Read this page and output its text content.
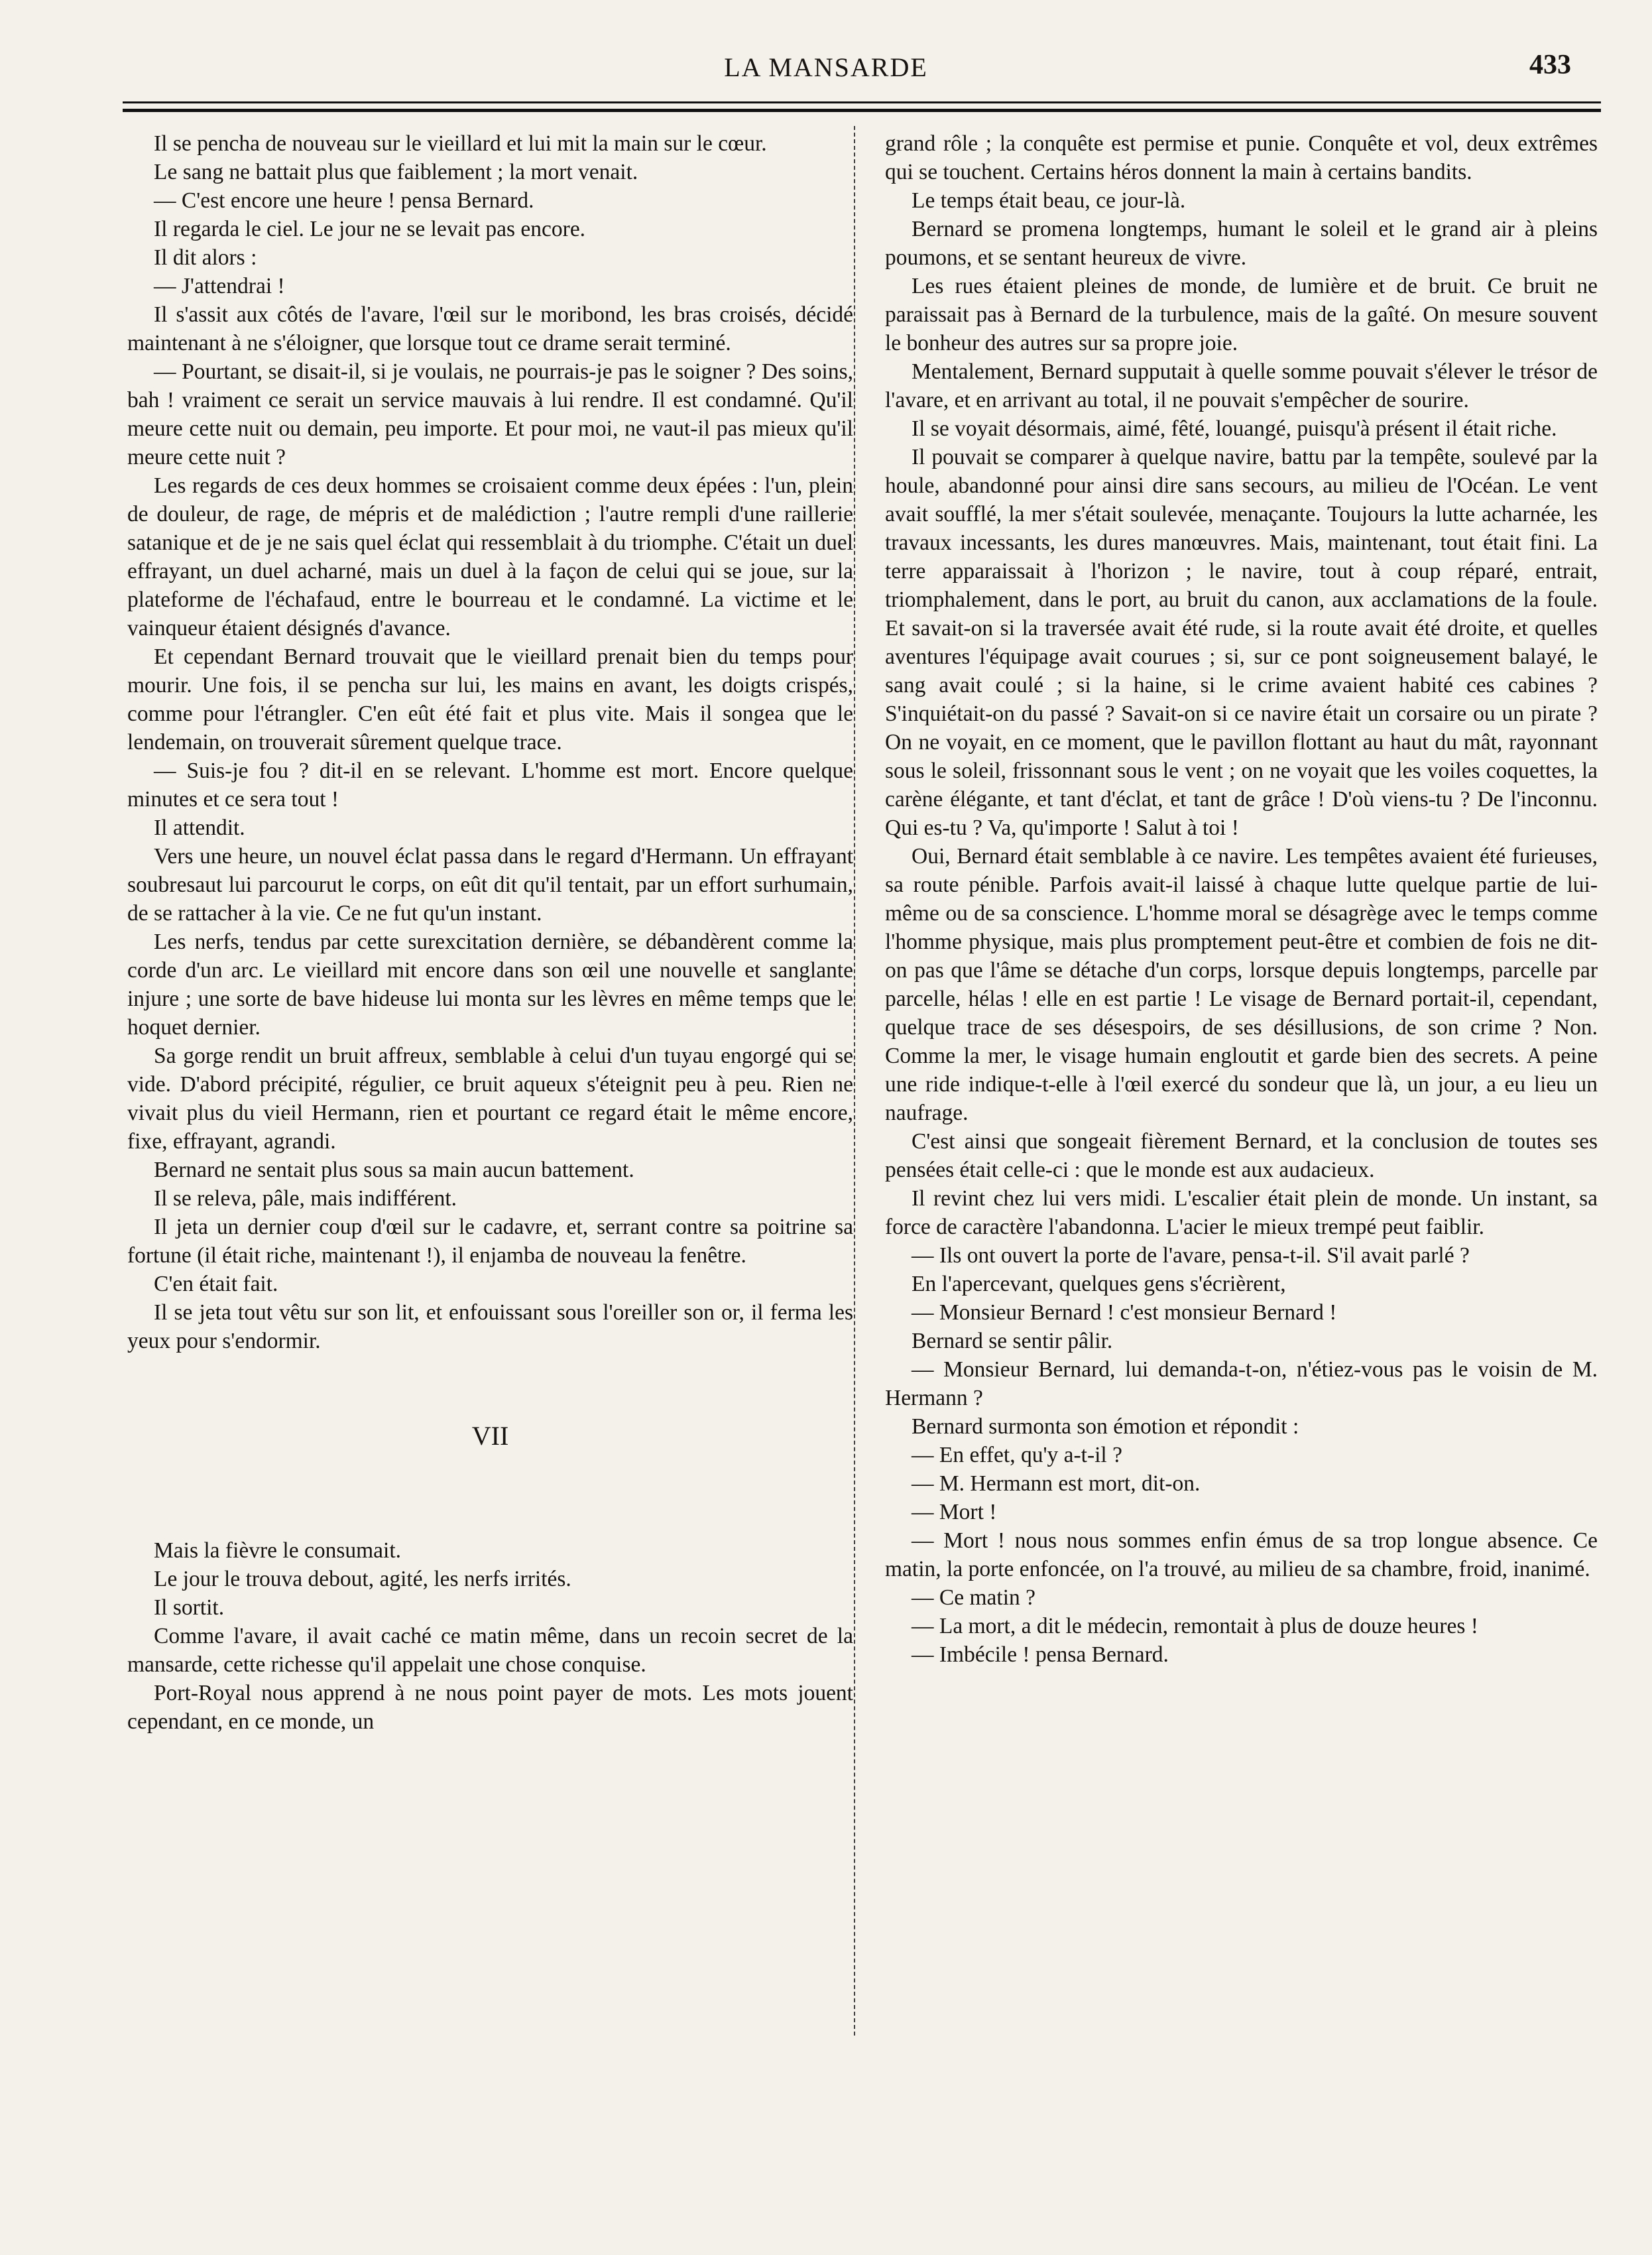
LA MANSARDE	433

Il se pencha de nouveau sur le vieillard et lui mit la main sur le cœur.

Le sang ne battait plus que faiblement ; la mort venait.

— C'est encore une heure ! pensa Bernard.

Il regarda le ciel. Le jour ne se levait pas encore.

Il dit alors :

— J'attendrai !

Il s'assit aux côtés de l'avare, l'œil sur le moribond, les bras croisés, décidé maintenant à ne s'éloigner, que lorsque tout ce drame serait terminé.

— Pourtant, se disait-il, si je voulais, ne pourrais-je pas le soigner ? Des soins, bah ! vraiment ce serait un service mauvais à lui rendre. Il est condamné. Qu'il meure cette nuit ou demain, peu importe. Et pour moi, ne vaut-il pas mieux qu'il meure cette nuit ?

Les regards de ces deux hommes se croisaient comme deux épées : l'un, plein de douleur, de rage, de mépris et de malédiction ; l'autre rempli d'une raillerie satanique et de je ne sais quel éclat qui ressemblait à du triomphe. C'était un duel effrayant, un duel acharné, mais un duel à la façon de celui qui se joue, sur la plateforme de l'échafaud, entre le bourreau et le condamné. La victime et le vainqueur étaient désignés d'avance.

Et cependant Bernard trouvait que le vieillard prenait bien du temps pour mourir. Une fois, il se pencha sur lui, les mains en avant, les doigts crispés, comme pour l'étrangler. C'en eût été fait et plus vite. Mais il songea que le lendemain, on trouverait sûrement quelque trace.

— Suis-je fou ? dit-il en se relevant. L'homme est mort. Encore quelque minutes et ce sera tout !

Il attendit.

Vers une heure, un nouvel éclat passa dans le regard d'Hermann. Un effrayant soubresaut lui parcourut le corps, on eût dit qu'il tentait, par un effort surhumain, de se rattacher à la vie. Ce ne fut qu'un instant.

Les nerfs, tendus par cette surexcitation dernière, se débandèrent comme la corde d'un arc. Le vieillard mit encore dans son œil une nouvelle et sanglante injure ; une sorte de bave hideuse lui monta sur les lèvres en même temps que le hoquet dernier.

Sa gorge rendit un bruit affreux, semblable à celui d'un tuyau engorgé qui se vide. D'abord précipité, régulier, ce bruit aqueux s'éteignit peu à peu. Rien ne vivait plus du vieil Hermann, rien et pourtant ce regard était le même encore, fixe, effrayant, agrandi.

Bernard ne sentait plus sous sa main aucun battement.

Il se releva, pâle, mais indifférent.

Il jeta un dernier coup d'œil sur le cadavre, et, serrant contre sa poitrine sa fortune (il était riche, maintenant !), il enjamba de nouveau la fenêtre.

C'en était fait.

Il se jeta tout vêtu sur son lit, et enfouissant sous l'oreiller son or, il ferma les yeux pour s'endormir.

VII

Mais la fièvre le consumait.

Le jour le trouva debout, agité, les nerfs irrités.

Il sortit.

Comme l'avare, il avait caché ce matin même, dans un recoin secret de la mansarde, cette richesse qu'il appelait une chose conquise.

Port-Royal nous apprend à ne nous point payer de mots. Les mots jouent cependant, en ce monde, un

grand rôle ; la conquête est permise et punie. Conquête et vol, deux extrêmes qui se touchent. Certains héros donnent la main à certains bandits.

Le temps était beau, ce jour-là.

Bernard se promena longtemps, humant le soleil et le grand air à pleins poumons, et se sentant heureux de vivre.

Les rues étaient pleines de monde, de lumière et de bruit. Ce bruit ne paraissait pas à Bernard de la turbulence, mais de la gaîté. On mesure souvent le bonheur des autres sur sa propre joie.

Mentalement, Bernard supputait à quelle somme pouvait s'élever le trésor de l'avare, et en arrivant au total, il ne pouvait s'empêcher de sourire.

Il se voyait désormais, aimé, fêté, louangé, puisqu'à présent il était riche.

Il pouvait se comparer à quelque navire, battu par la tempête, soulevé par la houle, abandonné pour ainsi dire sans secours, au milieu de l'Océan. Le vent avait soufflé, la mer s'était soulevée, menaçante. Toujours la lutte acharnée, les travaux incessants, les dures manœuvres. Mais, maintenant, tout était fini. La terre apparaissait à l'horizon ; le navire, tout à coup réparé, entrait, triomphalement, dans le port, au bruit du canon, aux acclamations de la foule. Et savait-on si la traversée avait été rude, si la route avait été droite, et quelles aventures l'équipage avait courues ; si, sur ce pont soigneusement balayé, le sang avait coulé ; si la haine, si le crime avaient habité ces cabines ? S'inquiétait-on du passé ? Savait-on si ce navire était un corsaire ou un pirate ? On ne voyait, en ce moment, que le pavillon flottant au haut du mât, rayonnant sous le soleil, frissonnant sous le vent ; on ne voyait que les voiles coquettes, la carène élégante, et tant d'éclat, et tant de grâce ! D'où viens-tu ? De l'inconnu. Qui es-tu ? Va, qu'importe ! Salut à toi !

Oui, Bernard était semblable à ce navire. Les tempêtes avaient été furieuses, sa route pénible. Parfois avait-il laissé à chaque lutte quelque partie de lui-même ou de sa conscience. L'homme moral se désagrège avec le temps comme l'homme physique, mais plus promptement peut-être et combien de fois ne dit-on pas que l'âme se détache d'un corps, lorsque depuis longtemps, parcelle par parcelle, hélas ! elle en est partie ! Le visage de Bernard portait-il, cependant, quelque trace de ses désespoirs, de ses désillusions, de son crime ? Non. Comme la mer, le visage humain engloutit et garde bien des secrets. A peine une ride indique-t-elle à l'œil exercé du sondeur que là, un jour, a eu lieu un naufrage.

C'est ainsi que songeait fièrement Bernard, et la conclusion de toutes ses pensées était celle-ci : que le monde est aux audacieux.

Il revint chez lui vers midi. L'escalier était plein de monde. Un instant, sa force de caractère l'abandonna. L'acier le mieux trempé peut faiblir.

— Ils ont ouvert la porte de l'avare, pensa-t-il. S'il avait parlé ?

En l'apercevant, quelques gens s'écrièrent,

— Monsieur Bernard ! c'est monsieur Bernard !

Bernard se sentir pâlir.

— Monsieur Bernard, lui demanda-t-on, n'étiez-vous pas le voisin de M. Hermann ?

Bernard surmonta son émotion et répondit :

— En effet, qu'y a-t-il ?

— M. Hermann est mort, dit-on.

— Mort !

— Mort ! nous nous sommes enfin émus de sa trop longue absence. Ce matin, la porte enfoncée, on l'a trouvé, au milieu de sa chambre, froid, inanimé.

— Ce matin ?

— La mort, a dit le médecin, remontait à plus de douze heures !

— Imbécile ! pensa Bernard.
